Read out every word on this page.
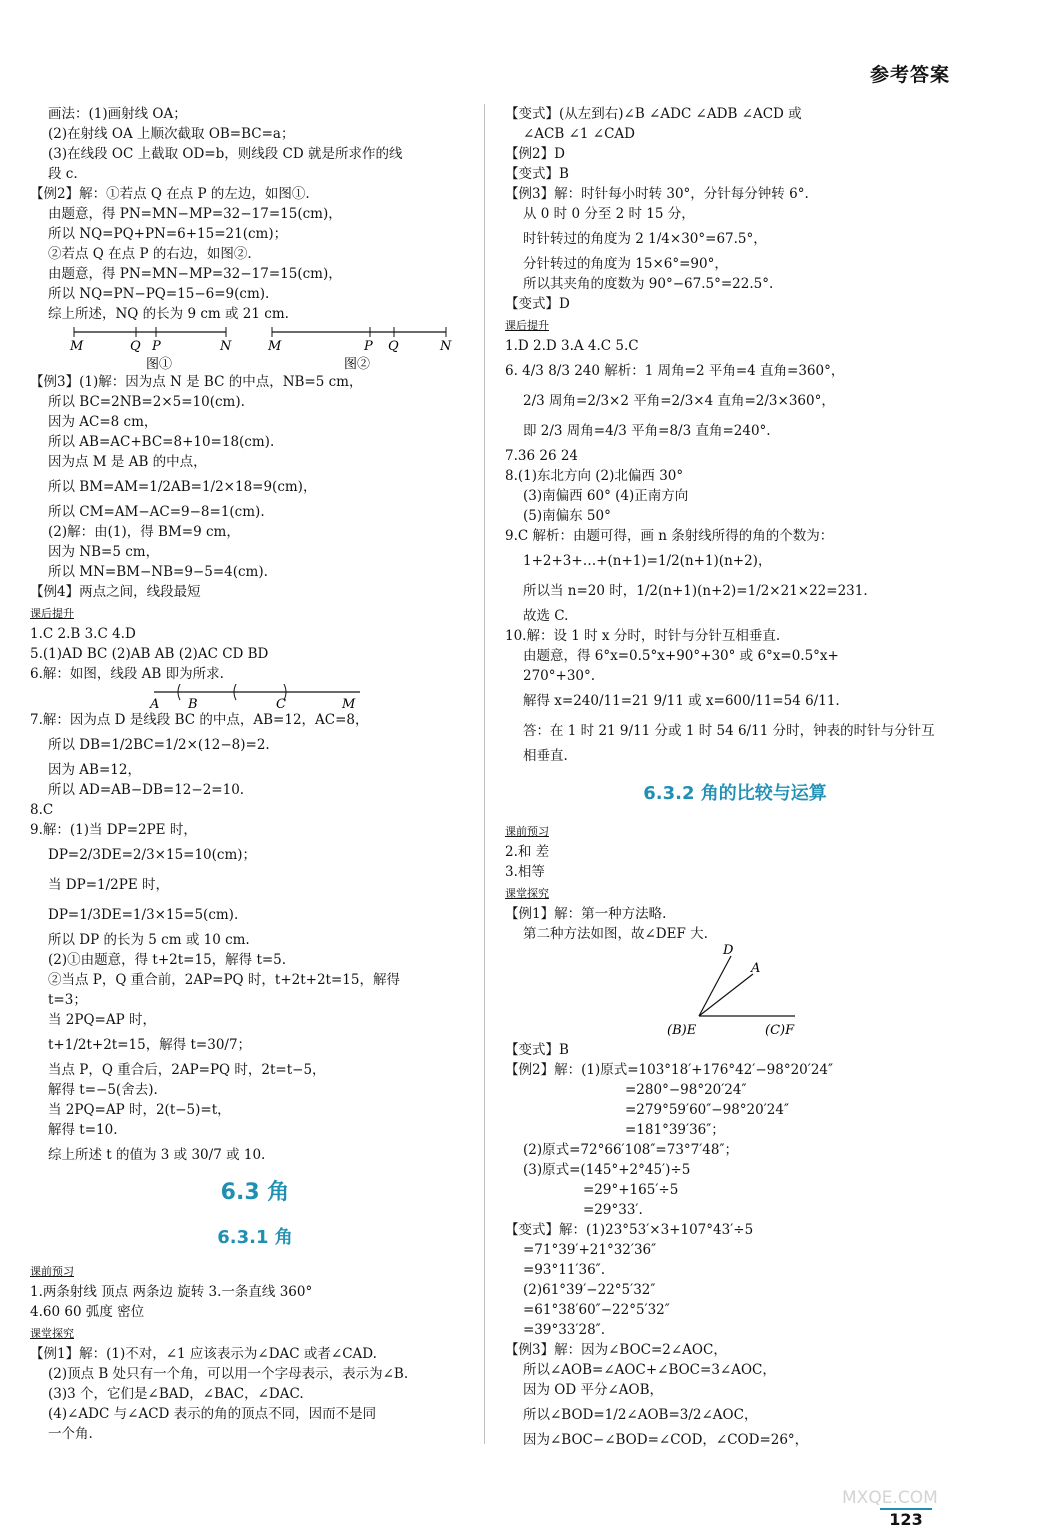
参考答案
画法：(1)画射线 OA；
(2)在射线 OA 上顺次截取 OB=BC=a；
(3)在线段 OC 上截取 OD=b，则线段 CD 就是所求作的线
段 c.
【例2】解：①若点 Q 在点 P 的左边，如图①.
由题意，得 PN=MN−MP=32−17=15(cm)，
所以 NQ=PQ+PN=6+15=21(cm)；
②若点 Q 在点 P 的右边，如图②.
由题意，得 PN=MN−MP=32−17=15(cm)，
所以 NQ=PN−PQ=15−6=9(cm).
综上所述，NQ 的长为 9 cm 或 21 cm.
M	Q P	N
图①
M	P Q	N
图②
【例3】(1)解：因为点 N 是 BC 的中点，NB=5 cm，
所以 BC=2NB=2×5=10(cm).
因为 AC=8 cm，
所以 AB=AC+BC=8+10=18(cm).
因为点 M 是 AB 的中点，
所以 BM=AM=1/2AB=1/2×18=9(cm)，
所以 CM=AM−AC=9−8=1(cm).
(2)解：由(1)，得 BM=9 cm，
因为 NB=5 cm，
所以 MN=BM−NB=9−5=4(cm).
【例4】两点之间，线段最短
课后提升
1.C 2.B 3.C 4.D
5.(1)AD BC (2)AB AB (2)AC CD BD
6.解：如图，线段 AB 即为所求.
A B	C	M
7.解：因为点 D 是线段 BC 的中点，AB=12，AC=8，
所以 DB=1/2BC=1/2×(12−8)=2.
因为 AB=12，
所以 AD=AB−DB=12−2=10.
8.C
9.解：(1)当 DP=2PE 时，
DP=2/3DE=2/3×15=10(cm)；
当 DP=1/2PE 时，
DP=1/3DE=1/3×15=5(cm).
所以 DP 的长为 5 cm 或 10 cm.
(2)①由题意，得 t+2t=15，解得 t=5.
②当点 P，Q 重合前，2AP=PQ 时，t+2t+2t=15，解得
t=3；
当 2PQ=AP 时，
t+1/2t+2t=15，解得 t=30/7；
当点 P，Q 重合后，2AP=PQ 时，2t=t−5，
解得 t=−5(舍去).
当 2PQ=AP 时，2(t−5)=t，
解得 t=10.
综上所述 t 的值为 3 或 30/7 或 10.
6.3 角
6.3.1 角
课前预习
1.两条射线 顶点 两条边 旋转 3.一条直线 360°
4.60 60 弧度 密位
课堂探究
【例1】解：(1)不对，∠1 应该表示为∠DAC 或者∠CAD.
(2)顶点 B 处只有一个角，可以用一个字母表示，表示为∠B.
(3)3 个，它们是∠BAD，∠BAC，∠DAC.
(4)∠ADC 与∠ACD 表示的角的顶点不同，因而不是同
一个角.
【变式】(从左到右)∠B ∠ADC ∠ADB ∠ACD 或
∠ACB ∠1 ∠CAD
【例2】D
【变式】B
【例3】解：时针每小时转 30°，分针每分钟转 6°.
从 0 时 0 分至 2 时 15 分，
时针转过的角度为 2 1/4×30°=67.5°，
分针转过的角度为 15×6°=90°，
所以其夹角的度数为 90°−67.5°=22.5°.
【变式】D
课后提升
1.D 2.D 3.A 4.C 5.C
6. 4/3 8/3 240 解析：1 周角=2 平角=4 直角=360°，
2/3 周角=2/3×2 平角=2/3×4 直角=2/3×360°，
即 2/3 周角=4/3 平角=8/3 直角=240°.
7.36 26 24
8.(1)东北方向 (2)北偏西 30°
(3)南偏西 60° (4)正南方向
(5)南偏东 50°
9.C 解析：由题可得，画 n 条射线所得的角的个数为：
1+2+3+…+(n+1)=1/2(n+1)(n+2)，
所以当 n=20 时，1/2(n+1)(n+2)=1/2×21×22=231.
故选 C.
10.解：设 1 时 x 分时，时针与分针互相垂直.
由题意，得 6°x=0.5°x+90°+30° 或 6°x=0.5°x+
270°+30°.
解得 x=240/11=21 9/11 或 x=600/11=54 6/11.
答：在 1 时 21 9/11 分或 1 时 54 6/11 分时，钟表的时针与分针互
相垂直.
6.3.2 角的比较与运算
课前预习
2.和 差
3.相等
课堂探究
【例1】解：第一种方法略.
第二种方法如图，故∠DEF 大.
D
A
(B)E	(C)F
【变式】B
【例2】解：(1)原式=103°18′+176°42′−98°20′24″
=280°−98°20′24″
=279°59′60″−98°20′24″
=181°39′36″；
(2)原式=72°66′108″=73°7′48″；
(3)原式=(145°+2°45′)÷5
=29°+165′÷5
=29°33′.
【变式】解：(1)23°53′×3+107°43′÷5
=71°39′+21°32′36″
=93°11′36″.
(2)61°39′−22°5′32″
=61°38′60″−22°5′32″
=39°33′28″.
【例3】解：因为∠BOC=2∠AOC，
所以∠AOB=∠AOC+∠BOC=3∠AOC，
因为 OD 平分∠AOB，
所以∠BOD=1/2∠AOB=3/2∠AOC，
因为∠BOC−∠BOD=∠COD，∠COD=26°，
MXQE.COM
123
